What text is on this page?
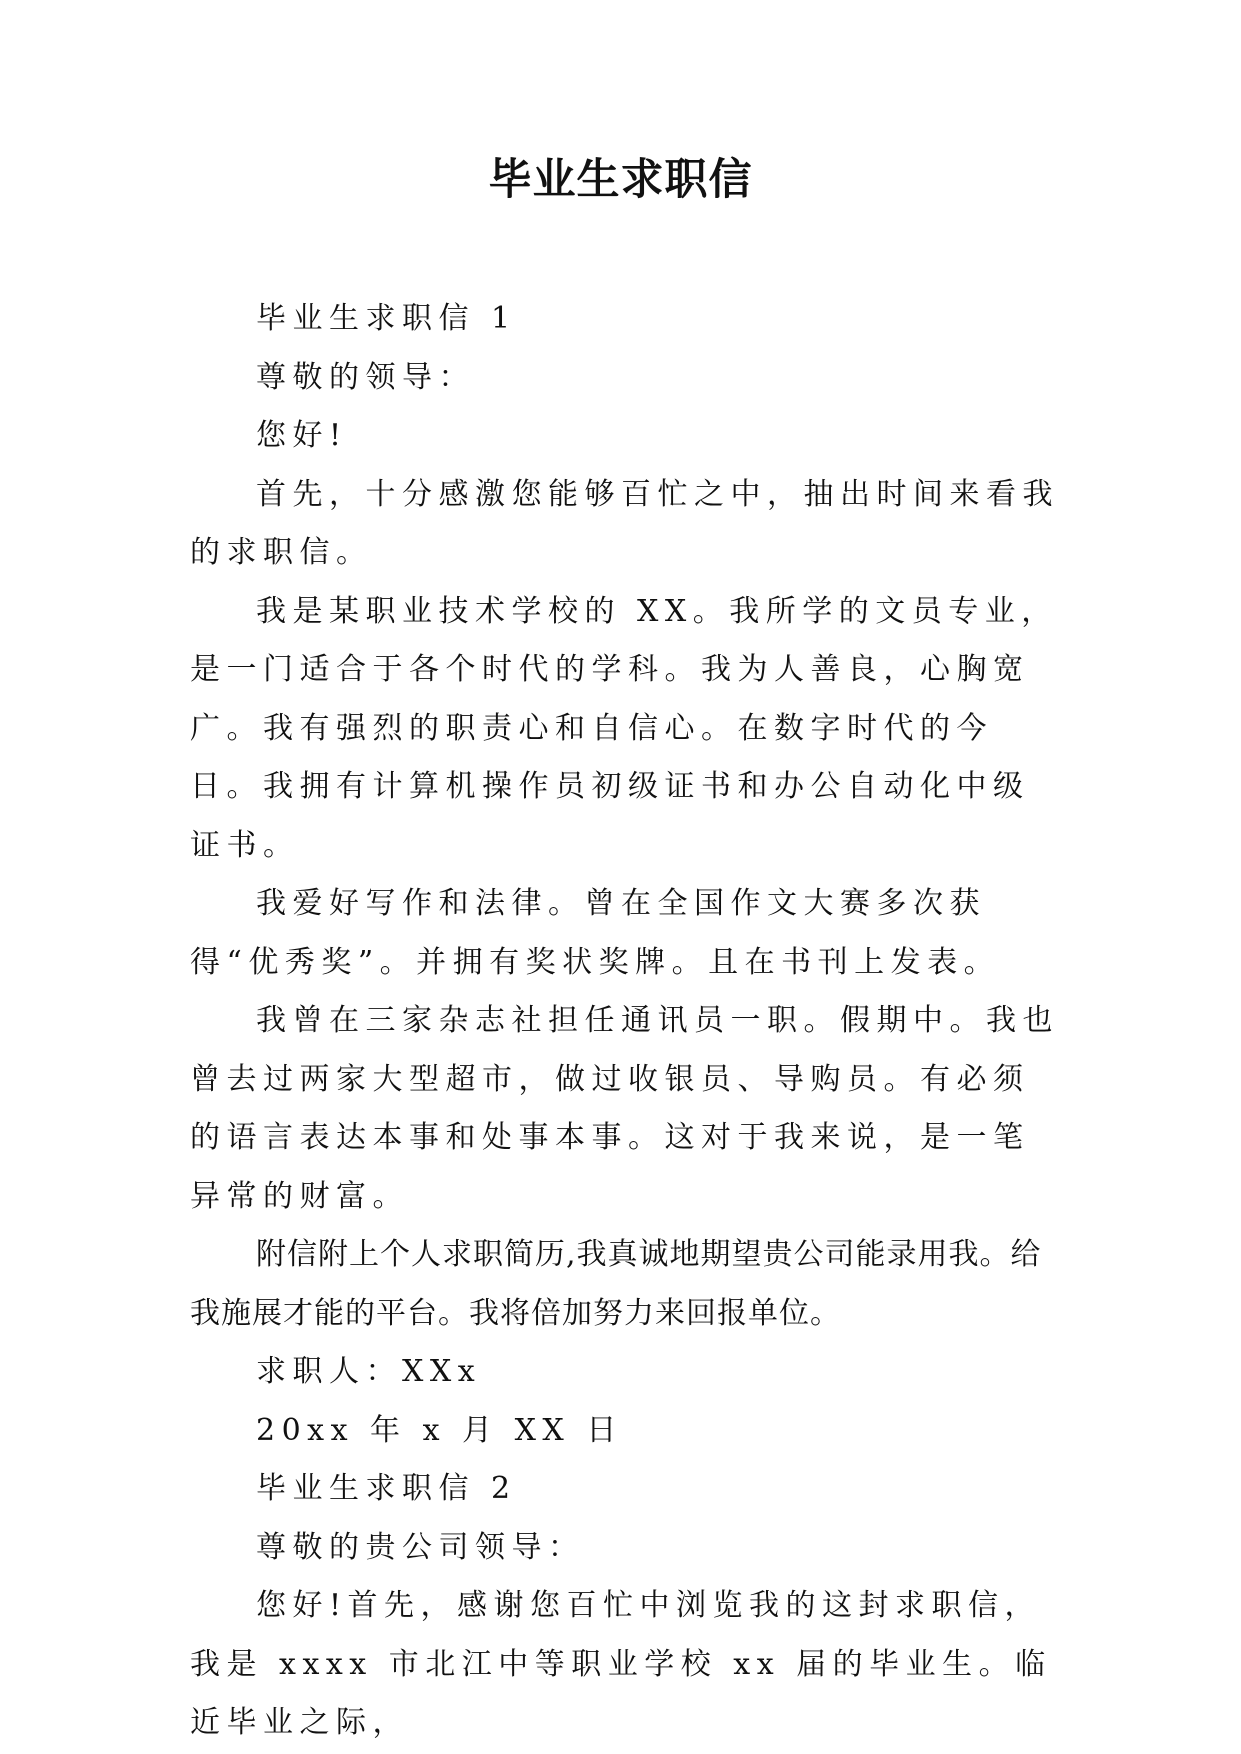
毕业生求职信

毕业生求职信 1

尊敬的领导：

您好!

首先，十分感激您能够百忙之中，抽出时间来看我的求职信。

我是某职业技术学校的 XX。我所学的文员专业，是一门适合于各个时代的学科。我为人善良，心胸宽广。我有强烈的职责心和自信心。在数字时代的今日。我拥有计算机操作员初级证书和办公自动化中级证书。

我爱好写作和法律。曾在全国作文大赛多次获得“优秀奖”。并拥有奖状奖牌。且在书刊上发表。

我曾在三家杂志社担任通讯员一职。假期中。我也曾去过两家大型超市，做过收银员、导购员。有必须的语言表达本事和处事本事。这对于我来说，是一笔异常的财富。

附信附上个人求职简历,我真诚地期望贵公司能录用我。给我施展才能的平台。我将倍加努力来回报单位。

求职人：XXx

20xx 年 x 月 XX 日

毕业生求职信 2

尊敬的贵公司领导：

您好!首先，感谢您百忙中浏览我的这封求职信，我是 xxxx 市北江中等职业学校 xx 届的毕业生。临近毕业之际，
